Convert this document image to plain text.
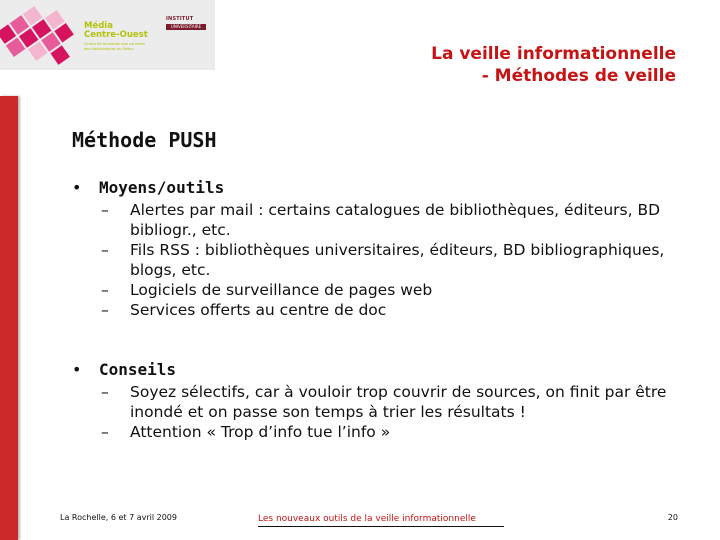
Média
Centre-Ouest
Centre de formation aux carrières
des bibliothèques du Poitou
INSTITUT
UNIVERSITAIRE
La veille informationnelle
- Méthodes de veille
Méthode PUSH
• Moyens/outils
– Alertes par mail : certains catalogues de bibliothèques, éditeurs, BD bibliogr., etc.
– Fils RSS : bibliothèques universitaires, éditeurs, BD bibliographiques, blogs, etc.
– Logiciels de surveillance de pages web
– Services offerts au centre de doc
• Conseils
– Soyez sélectifs, car à vouloir trop couvrir de sources, on finit par être inondé et on passe son temps à trier les résultats !
– Attention « Trop d’info tue l’info »
La Rochelle, 6 et 7 avril 2009	Les nouveaux outils de la veille informationnelle	20
